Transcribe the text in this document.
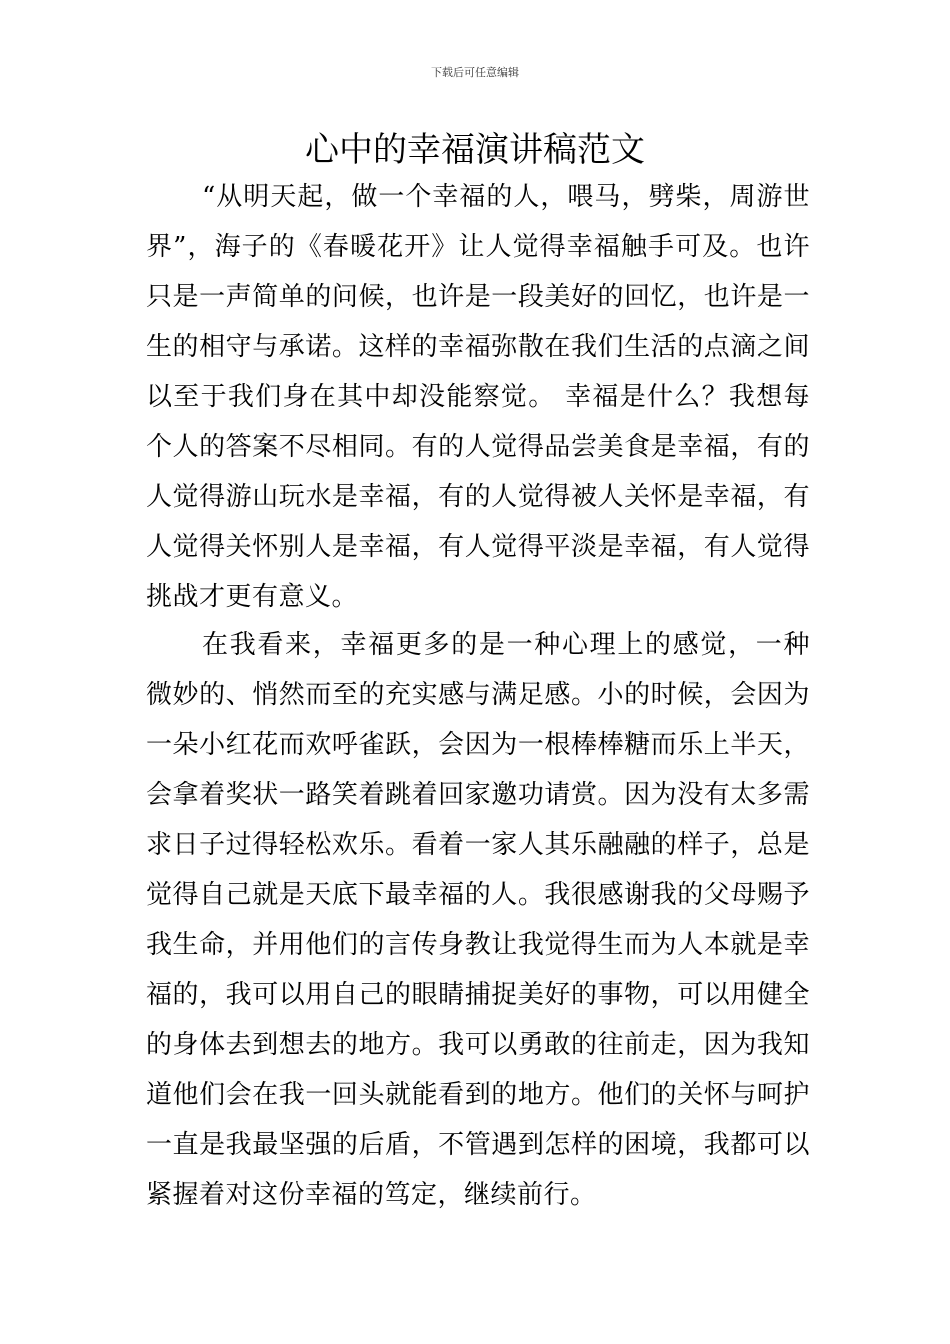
下载后可任意编辑
心中的幸福演讲稿范文

“从明天起，做一个幸福的人，喂马，劈柴，周游世界”，海子的《春暖花开》让人觉得幸福触手可及。也许只是一声简单的问候，也许是一段美好的回忆，也许是一生的相守与承诺。这样的幸福弥散在我们生活的点滴之间以至于我们身在其中却没能察觉。 幸福是什么？我想每个人的答案不尽相同。有的人觉得品尝美食是幸福，有的人觉得游山玩水是幸福，有的人觉得被人关怀是幸福，有人觉得关怀别人是幸福，有人觉得平淡是幸福，有人觉得挑战才更有意义。

在我看来，幸福更多的是一种心理上的感觉，一种微妙的、悄然而至的充实感与满足感。小的时候，会因为一朵小红花而欢呼雀跃，会因为一根棒棒糖而乐上半天，会拿着奖状一路笑着跳着回家邀功请赏。因为没有太多需求日子过得轻松欢乐。看着一家人其乐融融的样子，总是觉得自己就是天底下最幸福的人。我很感谢我的父母赐予我生命，并用他们的言传身教让我觉得生而为人本就是幸福的，我可以用自己的眼睛捕捉美好的事物，可以用健全的身体去到想去的地方。我可以勇敢的往前走，因为我知道他们会在我一回头就能看到的地方。他们的关怀与呵护一直是我最坚强的后盾，不管遇到怎样的困境，我都可以紧握着对这份幸福的笃定，继续前行。
